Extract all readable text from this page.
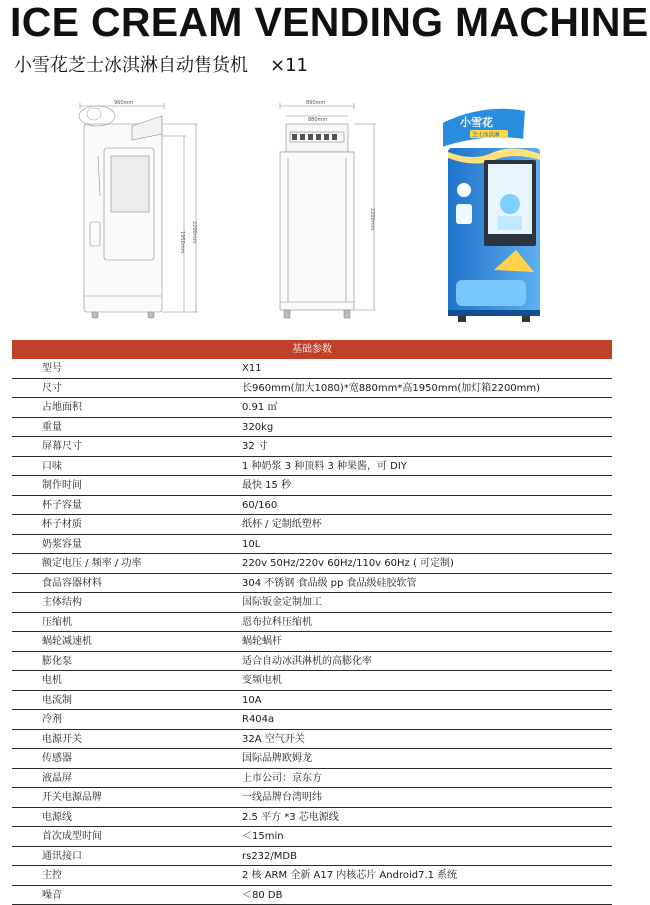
ICE CREAM VENDING MACHINE
小雪花芝士冰淇淋自动售货机 ×11
960mm
1950mm 2200mm
890mm
880mm
2200mm
小雪花
芝士冰淇淋
基础参数
型号	X11
尺寸	长960mm(加大1080)*宽880mm*高1950mm(加灯箱2200mm)
占地面积	0.91 ㎡
重量	320kg
屏幕尺寸	32 寸
口味	1 种奶浆 3 种顶料 3 种果酱，可 DIY
制作时间	最快 15 秒
杯子容量	60/160
杯子材质	纸杯 / 定制纸塑杯
奶浆容量	10L
额定电压 / 频率 / 功率	220v 50Hz/220v 60Hz/110v 60Hz ( 可定制)
食品容器材料	304 不锈钢 食品级 pp 食品级硅胶软管
主体结构	国际钣金定制加工
压缩机	恩布拉科压缩机
蜗轮减速机	蜗轮蜗杆
膨化泵	适合自动冰淇淋机的高膨化率
电机	变频电机
电流制	10A
冷剂	R404a
电源开关	32A 空气开关
传感器	国际品牌欧姆龙
液晶屏	上市公司：京东方
开关电源品牌	一线品牌台湾明纬
电源线	2.5 平方 *3 芯电源线
首次成型时间	＜15min
通讯接口	rs232/MDB
主控	2 核 ARM 全新 A17 内核芯片 Android7.1 系统
噪音	＜80 DB
